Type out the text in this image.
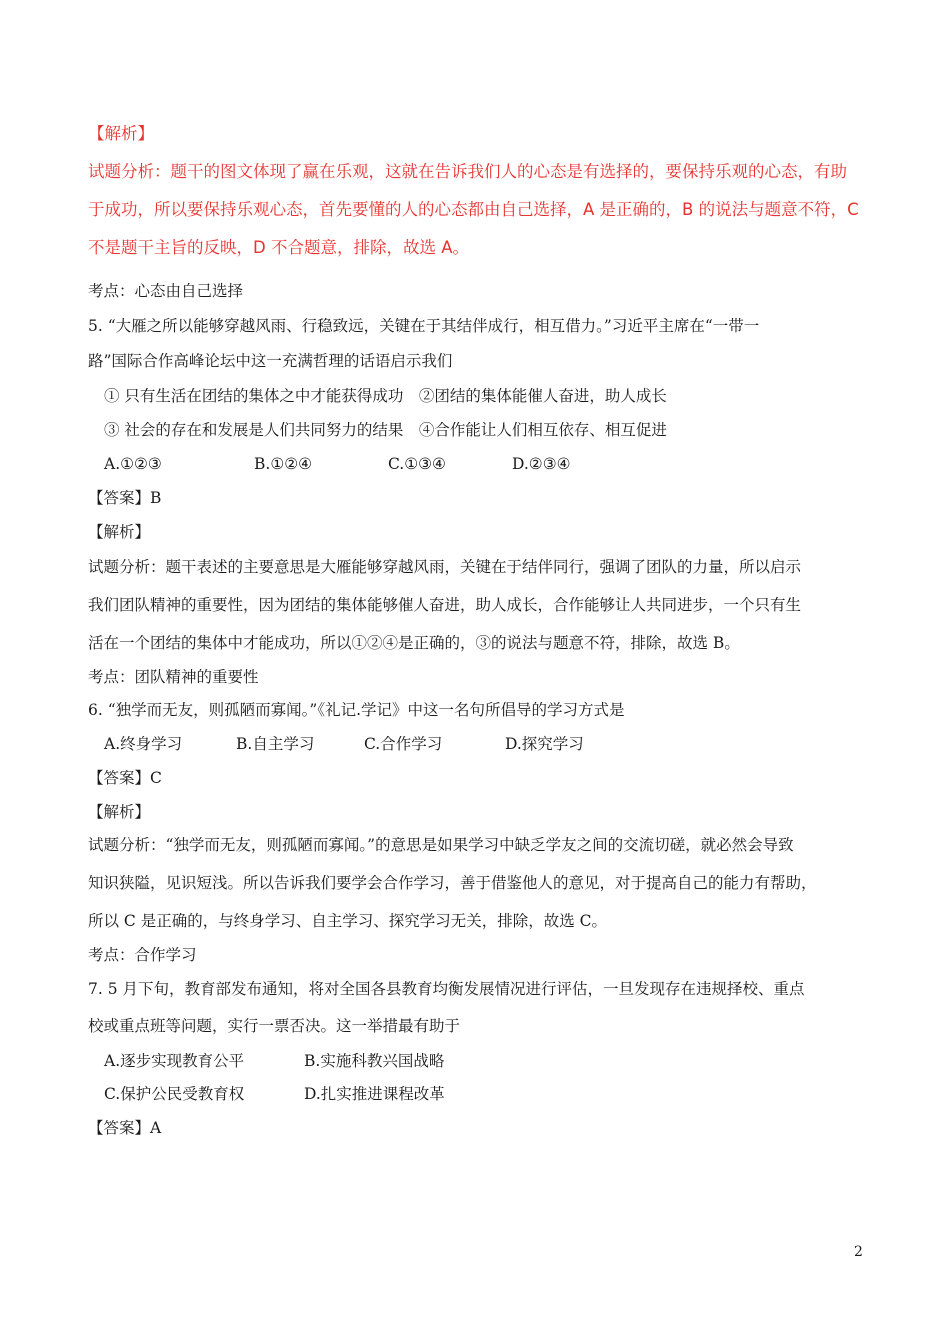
【解析】
试题分析：题干的图文体现了赢在乐观，这就在告诉我们人的心态是有选择的，要保持乐观的心态，有助
于成功，所以要保持乐观心态，首先要懂的人的心态都由自己选择，A 是正确的，B 的说法与题意不符，C
不是题干主旨的反映，D 不合题意，排除，故选 A。
考点：心态由自己选择
5. “大雁之所以能够穿越风雨、行稳致远，关键在于其结伴成行，相互借力。”习近平主席在“一带一
路”国际合作高峰论坛中这一充满哲理的话语启示我们
① 只有生活在团结的集体之中才能获得成功　②团结的集体能催人奋进，助人成长
③ 社会的存在和发展是人们共同努力的结果　④合作能让人们相互依存、相互促进
A.①②③	B.①②④	C.①③④	D.②③④
【答案】B
【解析】
试题分析：题干表述的主要意思是大雁能够穿越风雨，关键在于结伴同行，强调了团队的力量，所以启示
我们团队精神的重要性，因为团结的集体能够催人奋进，助人成长，合作能够让人共同进步，一个只有生
活在一个团结的集体中才能成功，所以①②④是正确的，③的说法与题意不符，排除，故选 B。
考点：团队精神的重要性
6. “独学而无友，则孤陋而寡闻。”《礼记.学记》中这一名句所倡导的学习方式是
A.终身学习	B.自主学习	C.合作学习	D.探究学习
【答案】C
【解析】
试题分析：“独学而无友，则孤陋而寡闻。”的意思是如果学习中缺乏学友之间的交流切磋，就必然会导致
知识狭隘，见识短浅。所以告诉我们要学会合作学习，善于借鉴他人的意见，对于提高自己的能力有帮助，
所以 C 是正确的，与终身学习、自主学习、探究学习无关，排除，故选 C。
考点：合作学习
7. 5 月下旬，教育部发布通知，将对全国各县教育均衡发展情况进行评估，一旦发现存在违规择校、重点
校或重点班等问题，实行一票否决。这一举措最有助于
A.逐步实现教育公平	B.实施科教兴国战略
C.保护公民受教育权	D.扎实推进课程改革
【答案】A
2
